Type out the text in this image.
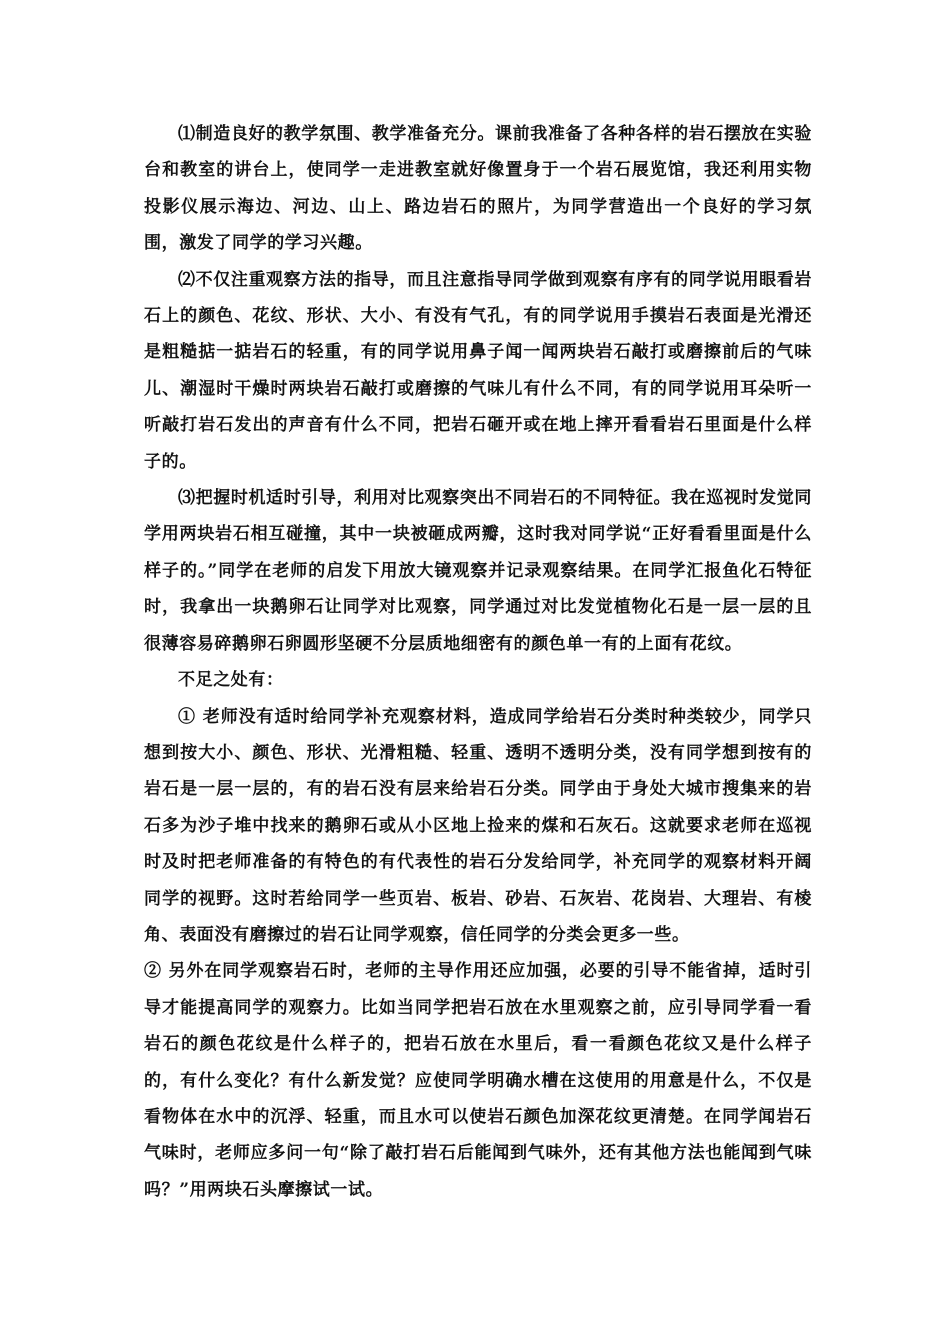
⑴制造良好的教学氛围、教学准备充分。课前我准备了各种各样的岩石摆放在实验台和教室的讲台上，使同学一走进教室就好像置身于一个岩石展览馆，我还利用实物投影仪展示海边、河边、山上、路边岩石的照片，为同学营造出一个良好的学习氛围，激发了同学的学习兴趣。

⑵不仅注重观察方法的指导，而且注意指导同学做到观察有序有的同学说用眼看岩石上的颜色、花纹、形状、大小、有没有气孔，有的同学说用手摸岩石表面是光滑还是粗糙掂一掂岩石的轻重，有的同学说用鼻子闻一闻两块岩石敲打或磨擦前后的气味儿、潮湿时干燥时两块岩石敲打或磨擦的气味儿有什么不同，有的同学说用耳朵听一听敲打岩石发出的声音有什么不同，把岩石砸开或在地上摔开看看岩石里面是什么样子的。

⑶把握时机适时引导，利用对比观察突出不同岩石的不同特征。我在巡视时发觉同学用两块岩石相互碰撞，其中一块被砸成两瓣，这时我对同学说“正好看看里面是什么样子的。”同学在老师的启发下用放大镜观察并记录观察结果。在同学汇报鱼化石特征时，我拿出一块鹅卵石让同学对比观察，同学通过对比发觉植物化石是一层一层的且很薄容易碎鹅卵石卵圆形坚硬不分层质地细密有的颜色单一有的上面有花纹。

不足之处有：

① 老师没有适时给同学补充观察材料，造成同学给岩石分类时种类较少，同学只想到按大小、颜色、形状、光滑粗糙、轻重、透明不透明分类，没有同学想到按有的岩石是一层一层的，有的岩石没有层来给岩石分类。同学由于身处大城市搜集来的岩石多为沙子堆中找来的鹅卵石或从小区地上捡来的煤和石灰石。这就要求老师在巡视时及时把老师准备的有特色的有代表性的岩石分发给同学，补充同学的观察材料开阔同学的视野。这时若给同学一些页岩、板岩、砂岩、石灰岩、花岗岩、大理岩、有棱角、表面没有磨擦过的岩石让同学观察，信任同学的分类会更多一些。

② 另外在同学观察岩石时，老师的主导作用还应加强，必要的引导不能省掉，适时引导才能提高同学的观察力。比如当同学把岩石放在水里观察之前，应引导同学看一看岩石的颜色花纹是什么样子的，把岩石放在水里后，看一看颜色花纹又是什么样子的，有什么变化？有什么新发觉？应使同学明确水槽在这使用的用意是什么，不仅是看物体在水中的沉浮、轻重，而且水可以使岩石颜色加深花纹更清楚。在同学闻岩石气味时，老师应多问一句“除了敲打岩石后能闻到气味外，还有其他方法也能闻到气味吗？”用两块石头摩擦试一试。
